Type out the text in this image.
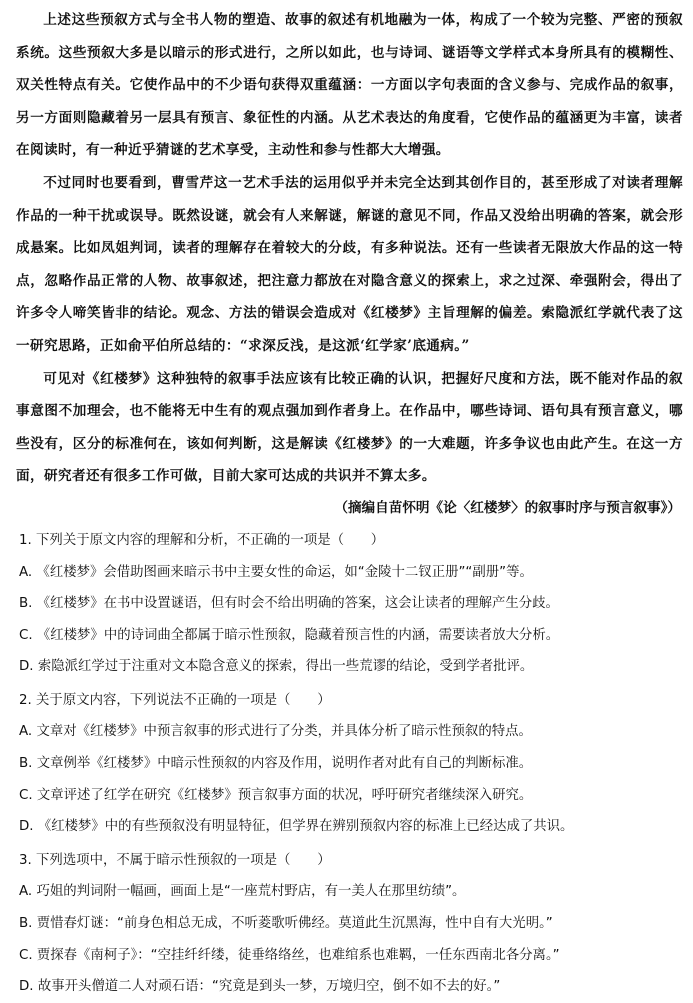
上述这些预叙方式与全书人物的塑造、故事的叙述有机地融为一体，构成了一个较为完整、严密的预叙系统。这些预叙大多是以暗示的形式进行，之所以如此，也与诗词、谜语等文学样式本身所具有的模糊性、双关性特点有关。它使作品中的不少语句获得双重蕴涵：一方面以字句表面的含义参与、完成作品的叙事，另一方面则隐藏着另一层具有预言、象征性的内涵。从艺术表达的角度看，它使作品的蕴涵更为丰富，读者在阅读时，有一种近乎猜谜的艺术享受，主动性和参与性都大大增强。

不过同时也要看到，曹雪芹这一艺术手法的运用似乎并未完全达到其创作目的，甚至形成了对读者理解作品的一种干扰或误导。既然设谜，就会有人来解谜，解谜的意见不同，作品又没给出明确的答案，就会形成悬案。比如凤姐判词，读者的理解存在着较大的分歧，有多种说法。还有一些读者无限放大作品的这一特点，忽略作品正常的人物、故事叙述，把注意力都放在对隐含意义的探索上，求之过深、牵强附会，得出了许多令人啼笑皆非的结论。观念、方法的错误会造成对《红楼梦》主旨理解的偏差。索隐派红学就代表了这一研究思路，正如俞平伯所总结的：“求深反浅，是这派‘红学家’底通病。”

可见对《红楼梦》这种独特的叙事手法应该有比较正确的认识，把握好尺度和方法，既不能对作品的叙事意图不加理会，也不能将无中生有的观点强加到作者身上。在作品中，哪些诗词、语句具有预言意义，哪些没有，区分的标准何在，该如何判断，这是解读《红楼梦》的一大难题，许多争议也由此产生。在这一方面，研究者还有很多工作可做，目前大家可达成的共识并不算太多。

（摘编自苗怀明《论〈红楼梦〉的叙事时序与预言叙事》）

1. 下列关于原文内容的理解和分析，不正确的一项是（　　）

A. 《红楼梦》会借助图画来暗示书中主要女性的命运，如“金陵十二钗正册”“副册”等。

B. 《红楼梦》在书中设置谜语，但有时会不给出明确的答案，这会让读者的理解产生分歧。

C. 《红楼梦》中的诗词曲全都属于暗示性预叙，隐藏着预言性的内涵，需要读者放大分析。

D. 索隐派红学过于注重对文本隐含意义的探索，得出一些荒谬的结论，受到学者批评。

2. 关于原文内容，下列说法不正确的一项是（　　）

A. 文章对《红楼梦》中预言叙事的形式进行了分类，并具体分析了暗示性预叙的特点。

B. 文章例举《红楼梦》中暗示性预叙的内容及作用，说明作者对此有自己的判断标准。

C. 文章评述了红学在研究《红楼梦》预言叙事方面的状况，呼吁研究者继续深入研究。

D. 《红楼梦》中的有些预叙没有明显特征，但学界在辨别预叙内容的标准上已经达成了共识。

3. 下列选项中，不属于暗示性预叙的一项是（　　）

A. 巧姐的判词附一幅画，画面上是“一座荒村野店，有一美人在那里纺绩”。

B. 贾惜春灯谜：“前身色相总无成，不听菱歌听佛经。莫道此生沉黑海，性中自有大光明。”

C. 贾探春《南柯子》：“空挂纤纤缕，徒垂络络丝，也难绾系也难羁，一任东西南北各分离。”

D. 故事开头僧道二人对顽石语：“究竟是到头一梦，万境归空，倒不如不去的好。”
